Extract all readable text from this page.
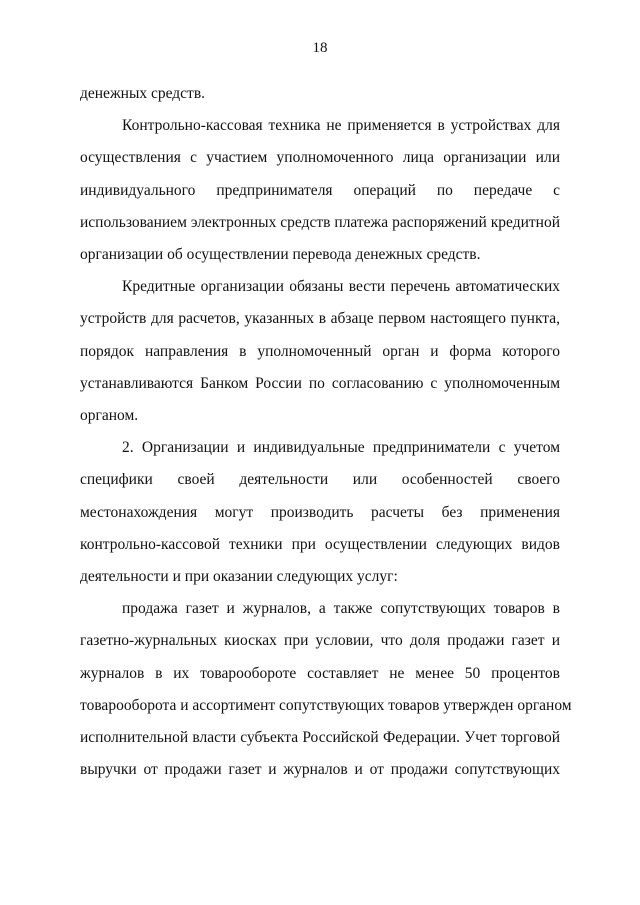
18
денежных средств.
Контрольно-кассовая техника не применяется в устройствах для
осуществления с участием уполномоченного лица организации или
индивидуального предпринимателя операций по передаче с
использованием электронных средств платежа распоряжений кредитной
организации об осуществлении перевода денежных средств.
Кредитные организации обязаны вести перечень автоматических
устройств для расчетов, указанных в абзаце первом настоящего пункта,
порядок направления в уполномоченный орган и форма которого
устанавливаются Банком России по согласованию с уполномоченным
органом.
2. Организации и индивидуальные предприниматели с учетом
специфики своей деятельности или особенностей своего
местонахождения могут производить расчеты без применения
контрольно-кассовой техники при осуществлении следующих видов
деятельности и при оказании следующих услуг:
продажа газет и журналов, а также сопутствующих товаров в
газетно-журнальных киосках при условии, что доля продажи газет и
журналов в их товарообороте составляет не менее 50 процентов
товарооборота и ассортимент сопутствующих товаров утвержден органом
исполнительной власти субъекта Российской Федерации. Учет торговой
выручки от продажи газет и журналов и от продажи сопутствующих
